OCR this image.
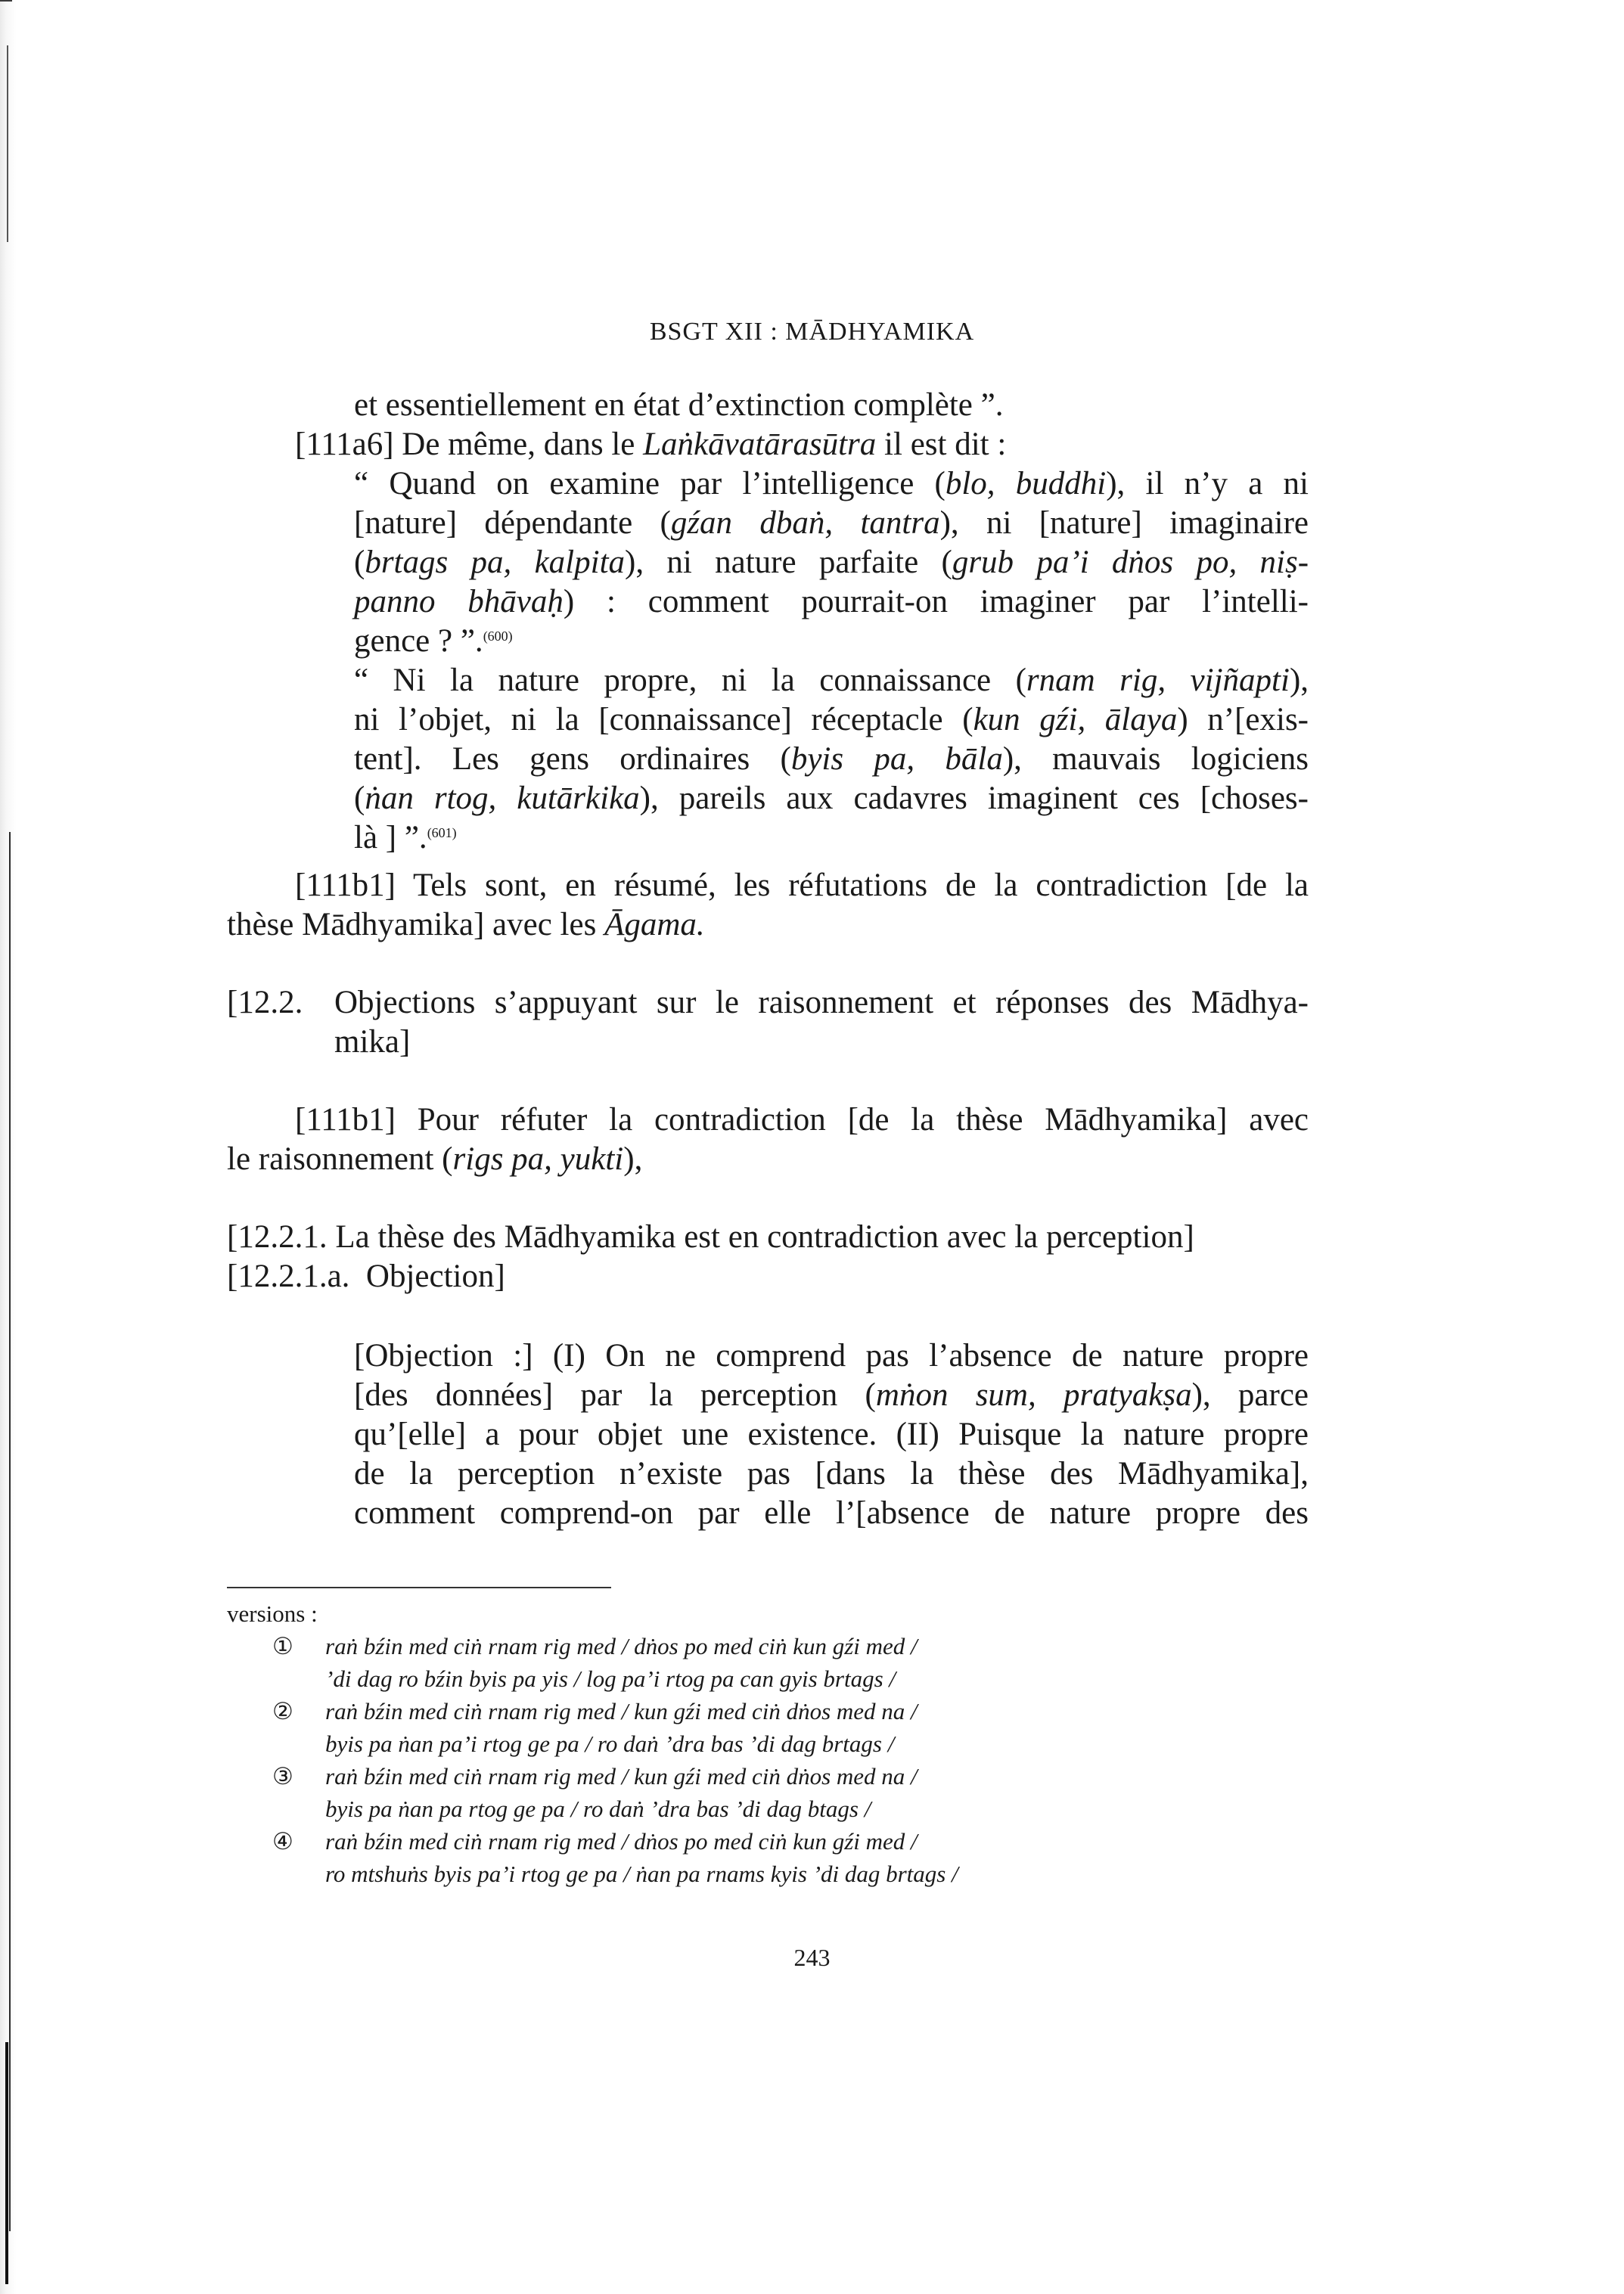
BSGT XII : MĀDHYAMIKA
et essentiellement en état d’extinction complète ”.
[111a6] De même, dans le Laṅkāvatārasūtra il est dit :
“ Quand on examine par l’intelligence (blo, buddhi), il n’y a ni
[nature] dépendante (gźan dbaṅ, tantra), ni [nature] imaginaire
(brtags pa, kalpita), ni nature parfaite (grub pa’i dṅos po, niṣ-
panno bhāvaḥ) : comment pourrait-on imaginer par l’intelli-
gence ? ”.$^{(600)}$
“ Ni la nature propre, ni la connaissance (rnam rig, vijñapti),
ni l’objet, ni la [connaissance] réceptacle (kun gźi, ālaya) n’[exis-
tent]. Les gens ordinaires (byis pa, bāla), mauvais logiciens
(ṅan rtog, kutārkika), pareils aux cadavres imaginent ces [choses-
là ] ”.$^{(601)}$
[111b1] Tels sont, en résumé, les réfutations de la contradiction [de la
thèse Mādhyamika] avec les Āgama.
[12.2. Objections s’appuyant sur le raisonnement et réponses des Mādhya-
mika]
[111b1] Pour réfuter la contradiction [de la thèse Mādhyamika] avec
le raisonnement (rigs pa, yukti),
[12.2.1. La thèse des Mādhyamika est en contradiction avec la perception]
[12.2.1.a.  Objection]
[Objection :] (I) On ne comprend pas l’absence de nature propre
[des données] par la perception (mṅon sum, pratyakṣa), parce
qu’[elle] a pour objet une existence. (II) Puisque la nature propre
de la perception n’existe pas [dans la thèse des Mādhyamika],
comment comprend-on par elle l’[absence de nature propre des
versions :
① raṅ bźin med ciṅ rnam rig med / dṅos po med ciṅ kun gźi med /
’di dag ro bźin byis pa yis / log pa’i rtog pa can gyis brtags /
② raṅ bźin med ciṅ rnam rig med / kun gźi med ciṅ dṅos med na /
byis pa ṅan pa’i rtog ge pa / ro daṅ ’dra bas ’di dag brtags /
③ raṅ bźin med ciṅ rnam rig med / kun gźi med ciṅ dṅos med na /
byis pa ṅan pa rtog ge pa / ro daṅ ’dra bas ’di dag btags /
④ raṅ bźin med ciṅ rnam rig med / dṅos po med ciṅ kun gźi med /
ro mtshuṅs byis pa’i rtog ge pa / ṅan pa rnams kyis ’di dag brtags /
243
